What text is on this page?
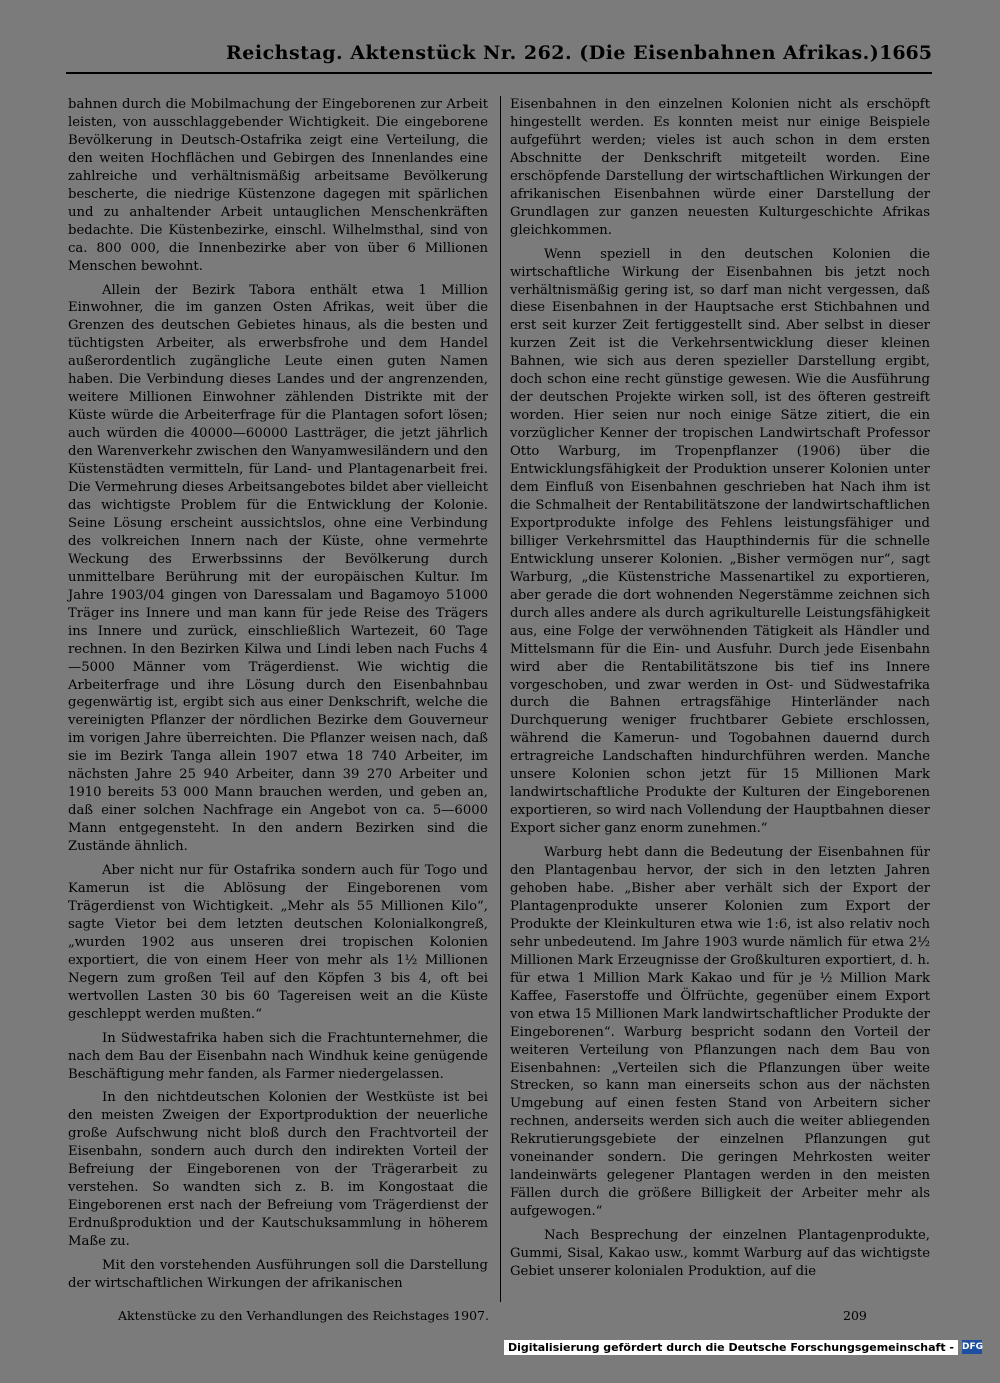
Reichstag. Aktenstück Nr. 262. (Die Eisenbahnen Afrikas.) 1665

bahnen durch die Mobilmachung der Eingeborenen zur Arbeit leisten, von ausschlaggebender Wichtigkeit. Die eingeborene Bevölkerung in Deutsch-Ostafrika zeigt eine Verteilung, die den weiten Hochflächen und Gebirgen des Innenlandes eine zahlreiche und verhältnismäßig arbeitsame Bevölkerung bescherte, die niedrige Küstenzone dagegen mit spärlichen und zu anhaltender Arbeit untauglichen Menschenkräften bedachte. Die Küstenbezirke, einschl. Wilhelmsthal, sind von ca. 800 000, die Innenbezirke aber von über 6 Millionen Menschen bewohnt.

Allein der Bezirk Tabora enthält etwa 1 Million Einwohner, die im ganzen Osten Afrikas, weit über die Grenzen des deutschen Gebietes hinaus, als die besten und tüchtigsten Arbeiter, als erwerbsfrohe und dem Handel außerordentlich zugängliche Leute einen guten Namen haben. Die Verbindung dieses Landes und der angrenzenden, weitere Millionen Einwohner zählenden Distrikte mit der Küste würde die Arbeiterfrage für die Plantagen sofort lösen; auch würden die 40000—60000 Lastträger, die jetzt jährlich den Warenverkehr zwischen den Wanyamwesiländern und den Küstenstädten vermitteln, für Land- und Plantagenarbeit frei. Die Vermehrung dieses Arbeitsangebotes bildet aber vielleicht das wichtigste Problem für die Entwicklung der Kolonie. Seine Lösung erscheint aussichtslos, ohne eine Verbindung des volkreichen Innern nach der Küste, ohne vermehrte Weckung des Erwerbssinns der Bevölkerung durch unmittelbare Berührung mit der europäischen Kultur. Im Jahre 1903/04 gingen von Daressalam und Bagamoyo 51000 Träger ins Innere und man kann für jede Reise des Trägers ins Innere und zurück, einschließlich Wartezeit, 60 Tage rechnen. In den Bezirken Kilwa und Lindi leben nach Fuchs 4—5000 Männer vom Trägerdienst. Wie wichtig die Arbeiterfrage und ihre Lösung durch den Eisenbahnbau gegenwärtig ist, ergibt sich aus einer Denkschrift, welche die vereinigten Pflanzer der nördlichen Bezirke dem Gouverneur im vorigen Jahre überreichten. Die Pflanzer weisen nach, daß sie im Bezirk Tanga allein 1907 etwa 18 740 Arbeiter, im nächsten Jahre 25 940 Arbeiter, dann 39 270 Arbeiter und 1910 bereits 53 000 Mann brauchen werden, und geben an, daß einer solchen Nachfrage ein Angebot von ca. 5—6000 Mann entgegensteht. In den andern Bezirken sind die Zustände ähnlich.

Aber nicht nur für Ostafrika sondern auch für Togo und Kamerun ist die Ablösung der Eingeborenen vom Trägerdienst von Wichtigkeit. „Mehr als 55 Millionen Kilo“, sagte Vietor bei dem letzten deutschen Kolonialkongreß, „wurden 1902 aus unseren drei tropischen Kolonien exportiert, die von einem Heer von mehr als 1½ Millionen Negern zum großen Teil auf den Köpfen 3 bis 4, oft bei wertvollen Lasten 30 bis 60 Tagereisen weit an die Küste geschleppt werden mußten.“

In Südwestafrika haben sich die Frachtunternehmer, die nach dem Bau der Eisenbahn nach Windhuk keine genügende Beschäftigung mehr fanden, als Farmer niedergelassen.

In den nichtdeutschen Kolonien der Westküste ist bei den meisten Zweigen der Exportproduktion der neuerliche große Aufschwung nicht bloß durch den Frachtvorteil der Eisenbahn, sondern auch durch den indirekten Vorteil der Befreiung der Eingeborenen von der Trägerarbeit zu verstehen. So wandten sich z. B. im Kongostaat die Eingeborenen erst nach der Befreiung vom Trägerdienst der Erdnußproduktion und der Kautschuksammlung in höherem Maße zu.

Mit den vorstehenden Ausführungen soll die Darstellung der wirtschaftlichen Wirkungen der afrikanischen

Eisenbahnen in den einzelnen Kolonien nicht als erschöpft hingestellt werden. Es konnten meist nur einige Beispiele aufgeführt werden; vieles ist auch schon in dem ersten Abschnitte der Denkschrift mitgeteilt worden. Eine erschöpfende Darstellung der wirtschaftlichen Wirkungen der afrikanischen Eisenbahnen würde einer Darstellung der Grundlagen zur ganzen neuesten Kulturgeschichte Afrikas gleichkommen.

Wenn speziell in den deutschen Kolonien die wirtschaftliche Wirkung der Eisenbahnen bis jetzt noch verhältnismäßig gering ist, so darf man nicht vergessen, daß diese Eisenbahnen in der Hauptsache erst Stichbahnen und erst seit kurzer Zeit fertiggestellt sind. Aber selbst in dieser kurzen Zeit ist die Verkehrsentwicklung dieser kleinen Bahnen, wie sich aus deren spezieller Darstellung ergibt, doch schon eine recht günstige gewesen. Wie die Ausführung der deutschen Projekte wirken soll, ist des öfteren gestreift worden. Hier seien nur noch einige Sätze zitiert, die ein vorzüglicher Kenner der tropischen Landwirtschaft Professor Otto Warburg, im Tropenpflanzer (1906) über die Entwicklungsfähigkeit der Produktion unserer Kolonien unter dem Einfluß von Eisenbahnen geschrieben hat Nach ihm ist die Schmalheit der Rentabilitätszone der landwirtschaftlichen Exportprodukte infolge des Fehlens leistungsfähiger und billiger Verkehrsmittel das Haupthindernis für die schnelle Entwicklung unserer Kolonien. „Bisher vermögen nur“, sagt Warburg, „die Küstenstriche Massenartikel zu exportieren, aber gerade die dort wohnenden Negerstämme zeichnen sich durch alles andere als durch agrikulturelle Leistungsfähigkeit aus, eine Folge der verwöhnenden Tätigkeit als Händler und Mittelsmann für die Ein- und Ausfuhr. Durch jede Eisenbahn wird aber die Rentabilitätszone bis tief ins Innere vorgeschoben, und zwar werden in Ost- und Südwestafrika durch die Bahnen ertragsfähige Hinterländer nach Durchquerung weniger fruchtbarer Gebiete erschlossen, während die Kamerun- und Togobahnen dauernd durch ertragreiche Landschaften hindurchführen werden. Manche unsere Kolonien schon jetzt für 15 Millionen Mark landwirtschaftliche Produkte der Kulturen der Eingeborenen exportieren, so wird nach Vollendung der Hauptbahnen dieser Export sicher ganz enorm zunehmen.“

Warburg hebt dann die Bedeutung der Eisenbahnen für den Plantagenbau hervor, der sich in den letzten Jahren gehoben habe. „Bisher aber verhält sich der Export der Plantagenprodukte unserer Kolonien zum Export der Produkte der Kleinkulturen etwa wie 1:6, ist also relativ noch sehr unbedeutend. Im Jahre 1903 wurde nämlich für etwa 2½ Millionen Mark Erzeugnisse der Großkulturen exportiert, d. h. für etwa 1 Million Mark Kakao und für je ½ Million Mark Kaffee, Faserstoffe und Ölfrüchte, gegenüber einem Export von etwa 15 Millionen Mark landwirtschaftlicher Produkte der Eingeborenen“. Warburg bespricht sodann den Vorteil der weiteren Verteilung von Pflanzungen nach dem Bau von Eisenbahnen: „Verteilen sich die Pflanzungen über weite Strecken, so kann man einerseits schon aus der nächsten Umgebung auf einen festen Stand von Arbeitern sicher rechnen, anderseits werden sich auch die weiter abliegenden Rekrutierungsgebiete der einzelnen Pflanzungen gut voneinander sondern. Die geringen Mehrkosten weiter landeinwärts gelegener Plantagen werden in den meisten Fällen durch die größere Billigkeit der Arbeiter mehr als aufgewogen.“

Nach Besprechung der einzelnen Plantagenprodukte, Gummi, Sisal, Kakao usw., kommt Warburg auf das wichtigste Gebiet unserer kolonialen Produktion, auf die

Aktenstücke zu den Verhandlungen des Reichstages 1907.	209
Digitalisierung gefördert durch die Deutsche Forschungsgemeinschaft - DFG
